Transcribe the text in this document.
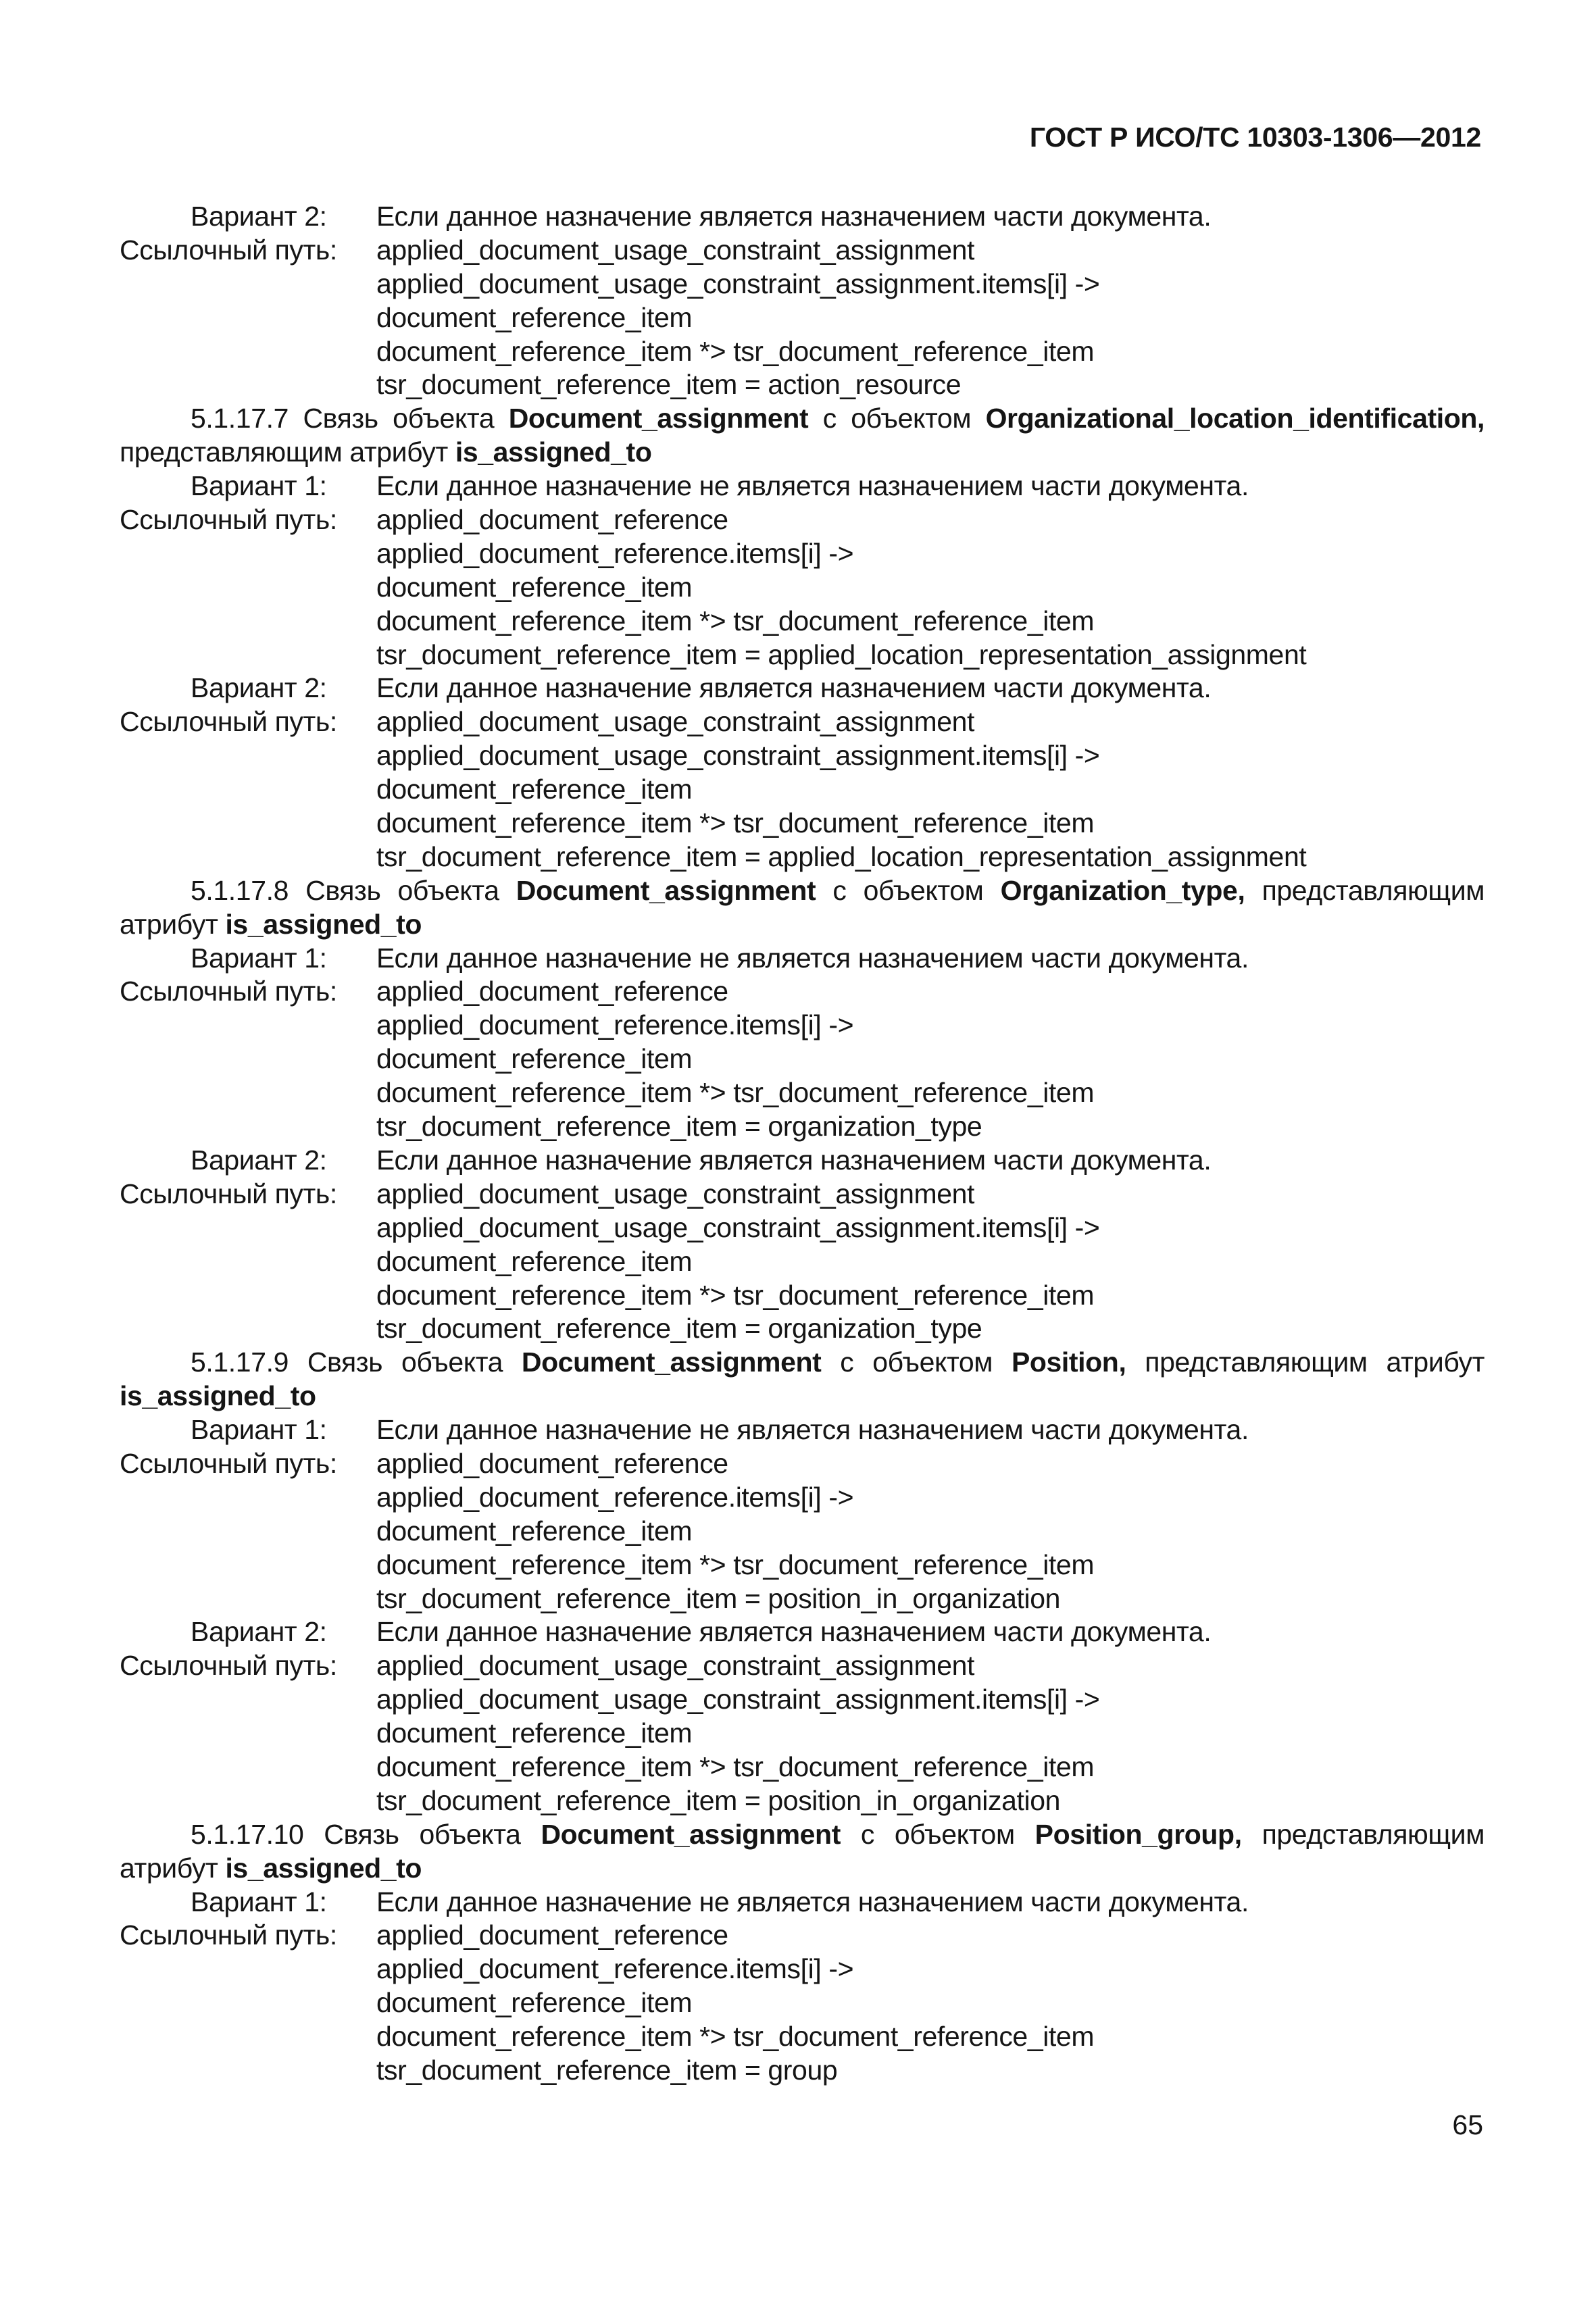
ГОСТ Р ИСО/ТС 10303-1306—2012
Вариант 2: Если данное назначение является назначением части документа.
Ссылочный путь: applied_document_usage_constraint_assignment
applied_document_usage_constraint_assignment.items[i] ->
document_reference_item
document_reference_item *> tsr_document_reference_item
tsr_document_reference_item = action_resource
5.1.17.7 Связь объекта Document_assignment с объектом Organizational_location_identification,
представляющим атрибут is_assigned_to
Вариант 1: Если данное назначение не является назначением части документа.
Ссылочный путь: applied_document_reference
applied_document_reference.items[i] ->
document_reference_item
document_reference_item *> tsr_document_reference_item
tsr_document_reference_item = applied_location_representation_assignment
Вариант 2: Если данное назначение является назначением части документа.
Ссылочный путь: applied_document_usage_constraint_assignment
applied_document_usage_constraint_assignment.items[i] ->
document_reference_item
document_reference_item *> tsr_document_reference_item
tsr_document_reference_item = applied_location_representation_assignment
5.1.17.8 Связь объекта Document_assignment с объектом Organization_type, представляющим
атрибут is_assigned_to
Вариант 1: Если данное назначение не является назначением части документа.
Ссылочный путь: applied_document_reference
applied_document_reference.items[i] ->
document_reference_item
document_reference_item *> tsr_document_reference_item
tsr_document_reference_item = organization_type
Вариант 2: Если данное назначение является назначением части документа.
Ссылочный путь: applied_document_usage_constraint_assignment
applied_document_usage_constraint_assignment.items[i] ->
document_reference_item
document_reference_item *> tsr_document_reference_item
tsr_document_reference_item = organization_type
5.1.17.9 Связь объекта Document_assignment с объектом Position, представляющим атрибут
is_assigned_to
Вариант 1: Если данное назначение не является назначением части документа.
Ссылочный путь: applied_document_reference
applied_document_reference.items[i] ->
document_reference_item
document_reference_item *> tsr_document_reference_item
tsr_document_reference_item = position_in_organization
Вариант 2: Если данное назначение является назначением части документа.
Ссылочный путь: applied_document_usage_constraint_assignment
applied_document_usage_constraint_assignment.items[i] ->
document_reference_item
document_reference_item *> tsr_document_reference_item
tsr_document_reference_item = position_in_organization
5.1.17.10 Связь объекта Document_assignment с объектом Position_group, представляющим
атрибут is_assigned_to
Вариант 1: Если данное назначение не является назначением части документа.
Ссылочный путь: applied_document_reference
applied_document_reference.items[i] ->
document_reference_item
document_reference_item *> tsr_document_reference_item
tsr_document_reference_item = group
65
